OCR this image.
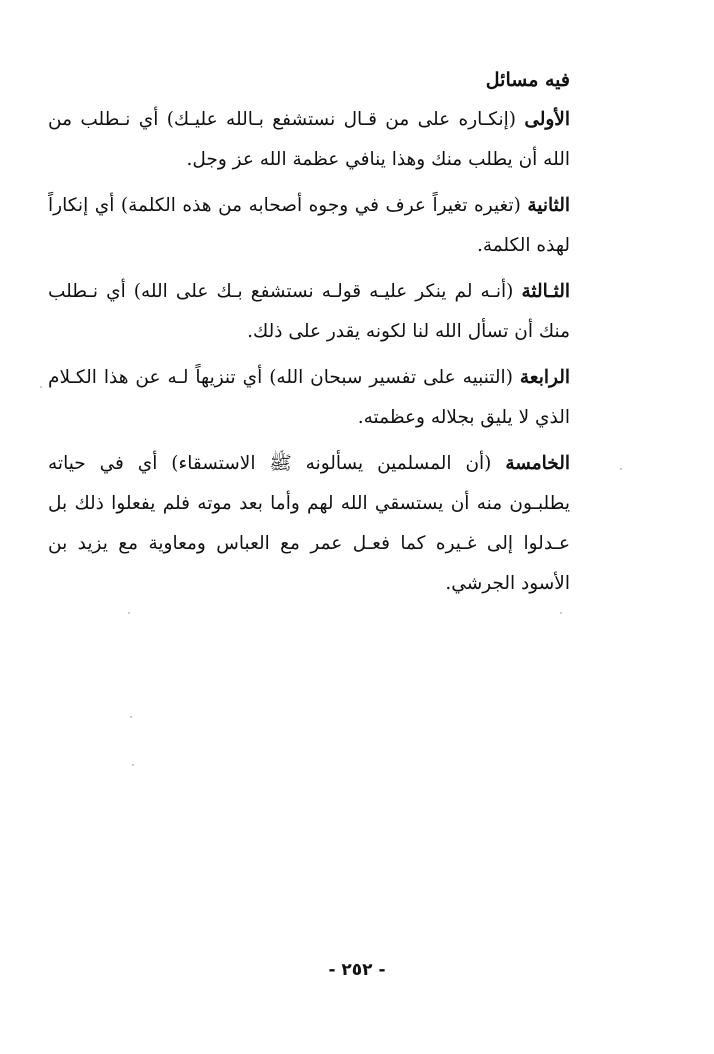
فيه مسائل

الأولى (إنكـاره على من قـال نستشفع بـالله عليـك) أي نـطلب من الله أن يطلب منك وهذا ينافي عظمة الله عز وجل.

الثانية (تغيره تغيراً عرف في وجوه أصحابه من هذه الكلمة) أي إنكاراً لهذه الكلمة.

الثـالثة (أنـه لم ينكر عليـه قولـه نستشفع بـك على الله) أي نـطلب منك أن تسأل الله لنا لكونه يقدر على ذلك.

الرابعة (التنبيه على تفسير سبحان الله) أي تنزيهاً لـه عن هذا الكـلام الذي لا يليق بجلاله وعظمته.

الخامسة (أن المسلمين يسألونه ﷺ الاستسقاء) أي في حياته يطلبـون منه أن يستسقي الله لهم وأما بعد موته فلم يفعلوا ذلك بل عـدلوا إلى غـيره كما فعـل عمر مع العباس ومعاوية مع يزيد بن الأسود الجرشي.

- ٢٥٢ -
